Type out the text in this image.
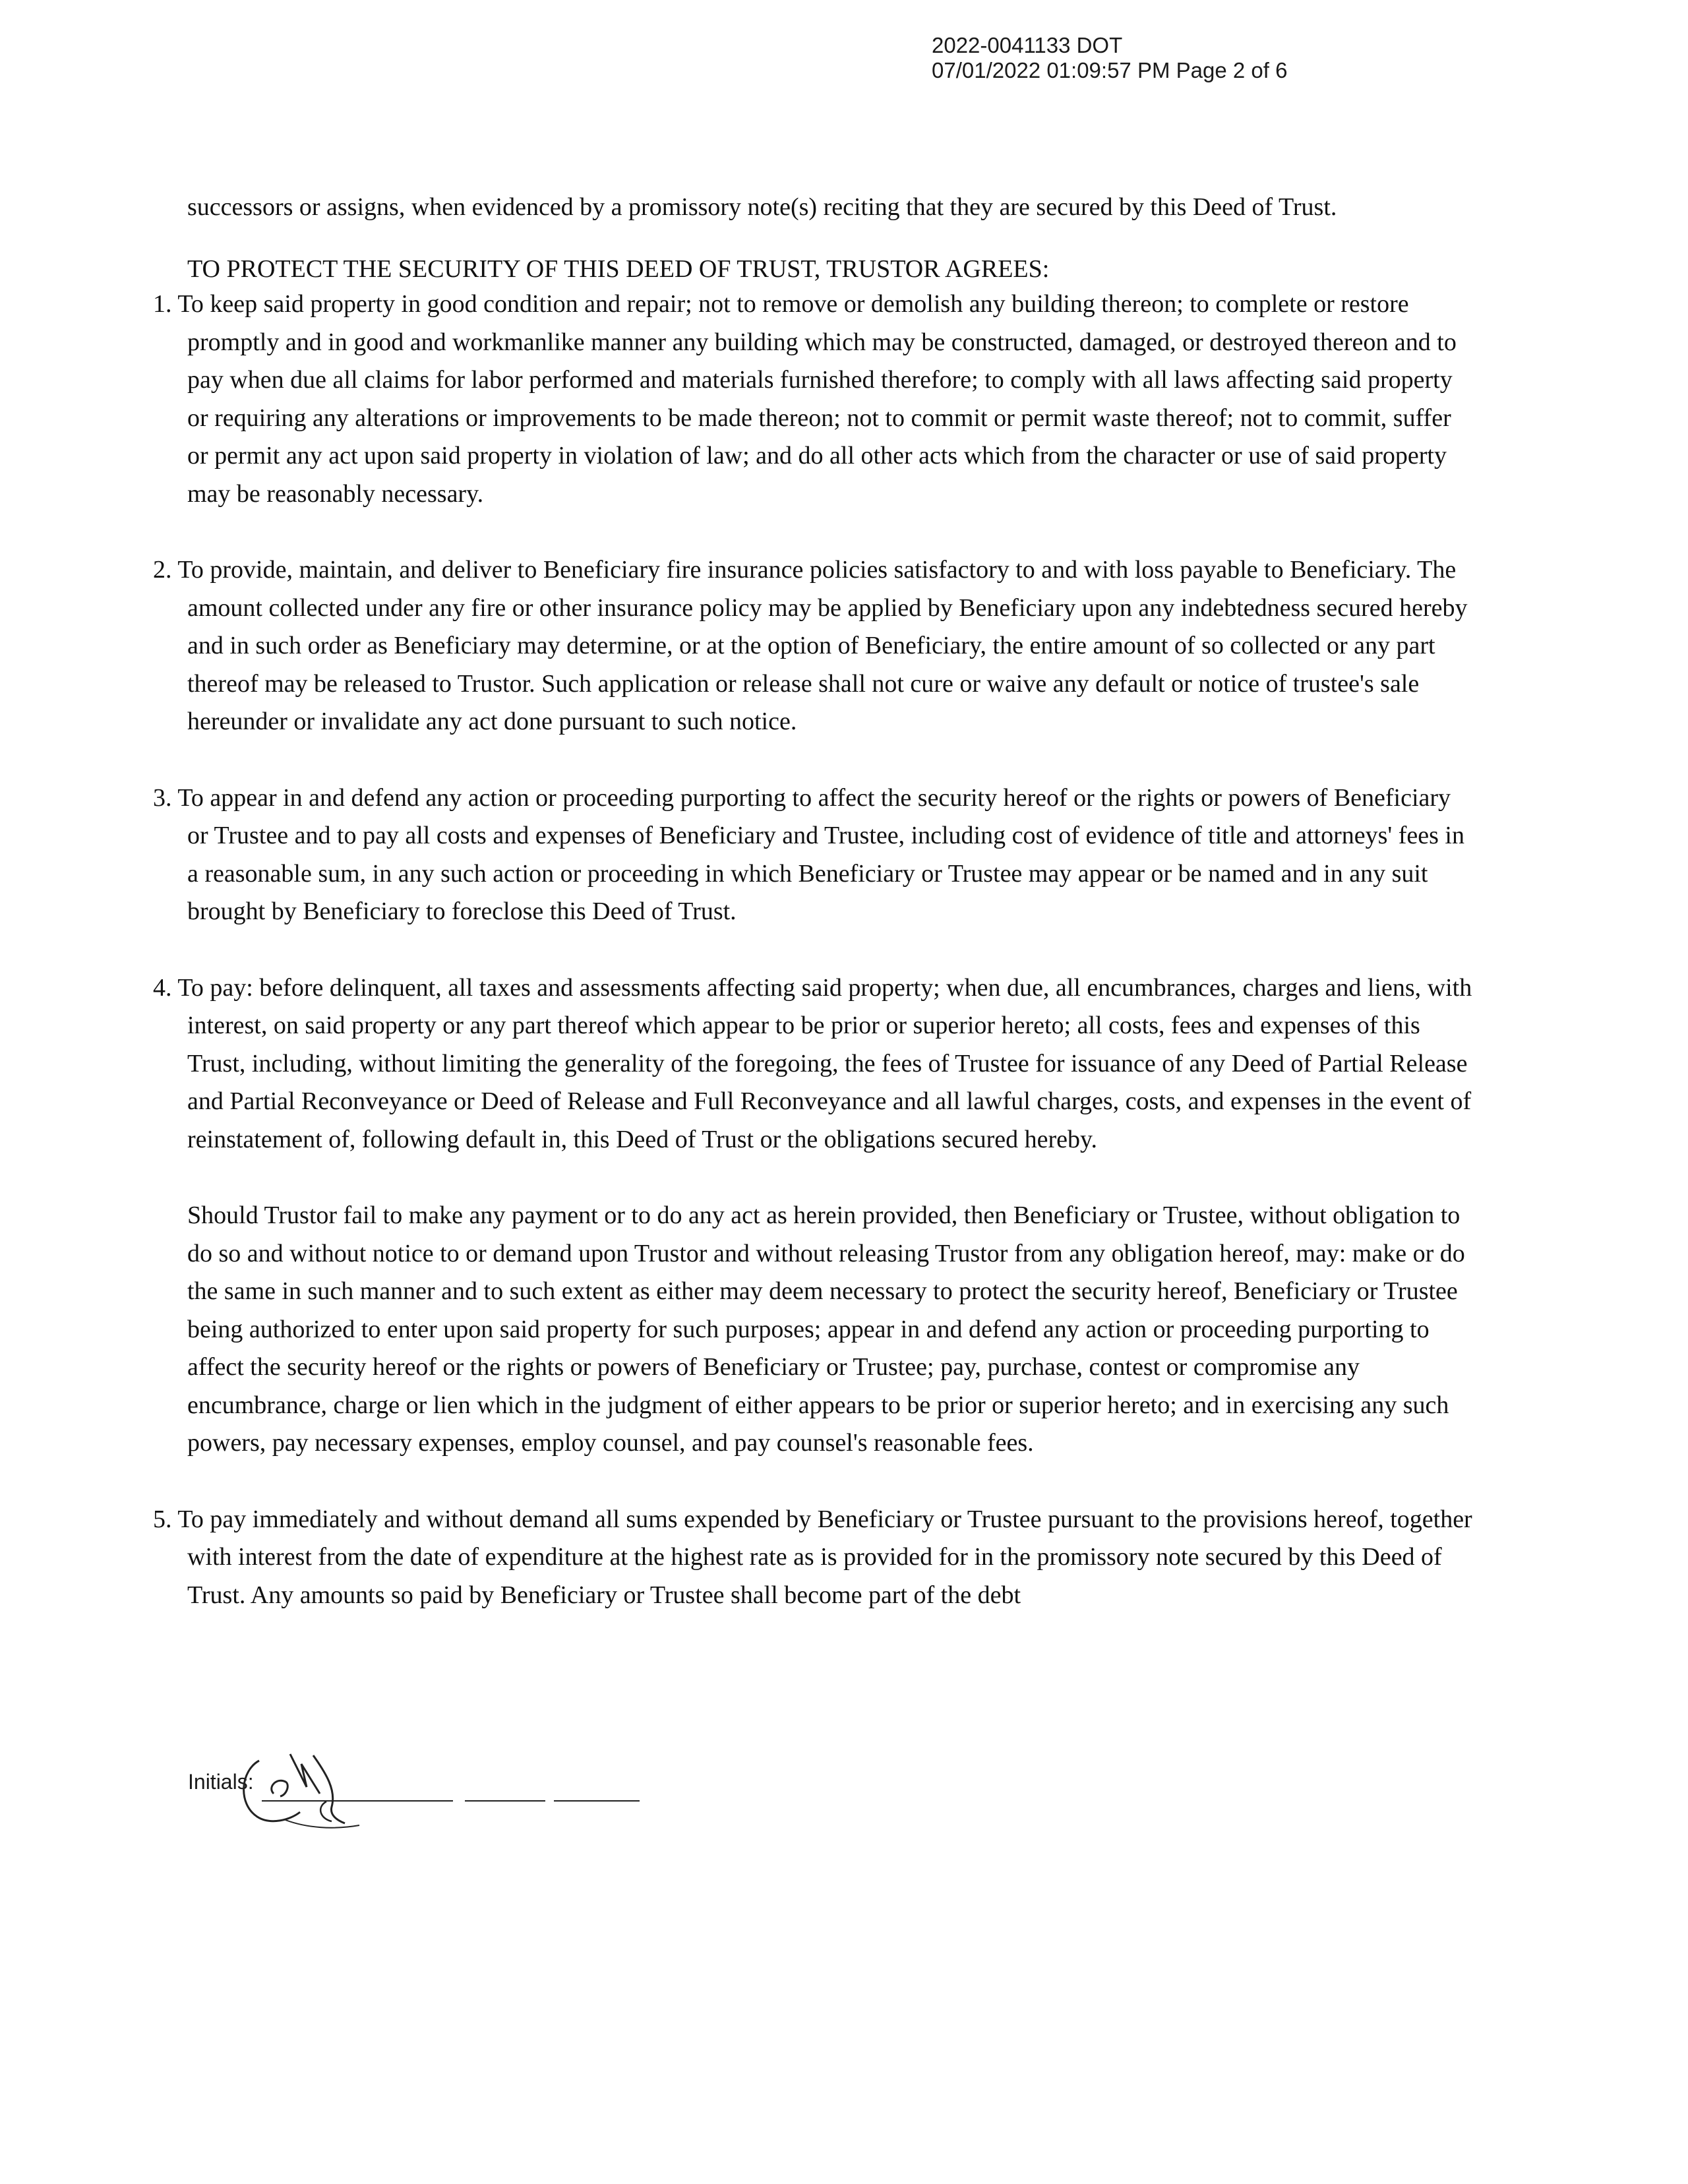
2022-0041133 DOT
07/01/2022 01:09:57 PM Page 2 of 6

successors or assigns, when evidenced by a promissory note(s) reciting that they are secured by this Deed of Trust.

TO PROTECT THE SECURITY OF THIS DEED OF TRUST, TRUSTOR AGREES:

1. To keep said property in good condition and repair; not to remove or demolish any building thereon; to complete or restore promptly and in good and workmanlike manner any building which may be constructed, damaged, or destroyed thereon and to pay when due all claims for labor performed and materials furnished therefore; to comply with all laws affecting said property or requiring any alterations or improvements to be made thereon; not to commit or permit waste thereof; not to commit, suffer or permit any act upon said property in violation of law; and do all other acts which from the character or use of said property may be reasonably necessary.

2. To provide, maintain, and deliver to Beneficiary fire insurance policies satisfactory to and with loss payable to Beneficiary. The amount collected under any fire or other insurance policy may be applied by Beneficiary upon any indebtedness secured hereby and in such order as Beneficiary may determine, or at the option of Beneficiary, the entire amount of so collected or any part thereof may be released to Trustor. Such application or release shall not cure or waive any default or notice of trustee's sale hereunder or invalidate any act done pursuant to such notice.

3. To appear in and defend any action or proceeding purporting to affect the security hereof or the rights or powers of Beneficiary or Trustee and to pay all costs and expenses of Beneficiary and Trustee, including cost of evidence of title and attorneys' fees in a reasonable sum, in any such action or proceeding in which Beneficiary or Trustee may appear or be named and in any suit brought by Beneficiary to foreclose this Deed of Trust.

4. To pay: before delinquent, all taxes and assessments affecting said property; when due, all encumbrances, charges and liens, with interest, on said property or any part thereof which appear to be prior or superior hereto; all costs, fees and expenses of this Trust, including, without limiting the generality of the foregoing, the fees of Trustee for issuance of any Deed of Partial Release and Partial Reconveyance or Deed of Release and Full Reconveyance and all lawful charges, costs, and expenses in the event of reinstatement of, following default in, this Deed of Trust or the obligations secured hereby.

Should Trustor fail to make any payment or to do any act as herein provided, then Beneficiary or Trustee, without obligation to do so and without notice to or demand upon Trustor and without releasing Trustor from any obligation hereof, may: make or do the same in such manner and to such extent as either may deem necessary to protect the security hereof, Beneficiary or Trustee being authorized to enter upon said property for such purposes; appear in and defend any action or proceeding purporting to affect the security hereof or the rights or powers of Beneficiary or Trustee; pay, purchase, contest or compromise any encumbrance, charge or lien which in the judgment of either appears to be prior or superior hereto; and in exercising any such powers, pay necessary expenses, employ counsel, and pay counsel's reasonable fees.

5. To pay immediately and without demand all sums expended by Beneficiary or Trustee pursuant to the provisions hereof, together with interest from the date of expenditure at the highest rate as is provided for in the promissory note secured by this Deed of Trust. Any amounts so paid by Beneficiary or Trustee shall become part of the debt

Initials:
